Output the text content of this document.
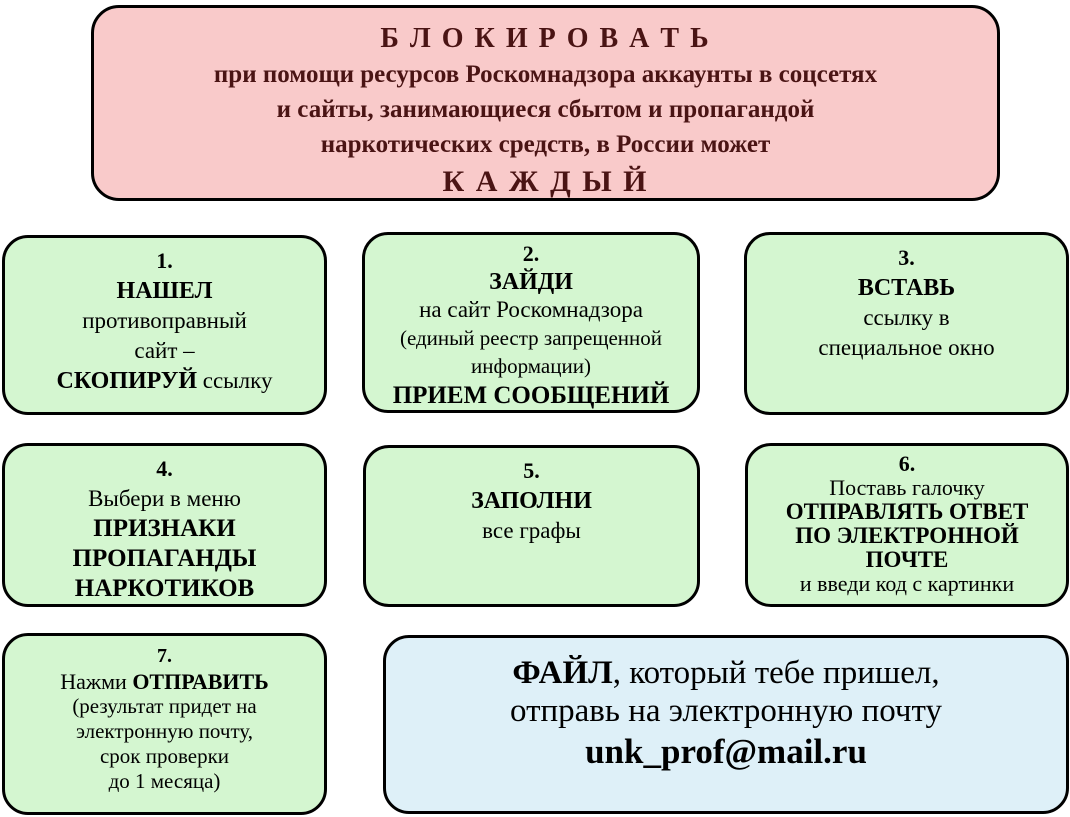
Б Л О К И Р О В А Т Ь
при помощи ресурсов Роскомнадзора аккаунты в соцсетях
и сайты, занимающиеся сбытом и пропагандой
наркотических средств, в России может
К А Ж Д Ы Й
1.
НАШЕЛ
противоправный
сайт –
СКОПИРУЙ ссылку
2.
ЗАЙДИ
на сайт Роскомнадзора
(единый реестр запрещенной
информации)
ПРИЕМ СООБЩЕНИЙ
3.
ВСТАВЬ
ссылку в
специальное окно
4.
Выбери в меню
ПРИЗНАКИ
ПРОПАГАНДЫ
НАРКОТИКОВ
5.
ЗАПОЛНИ
все графы
6.
Поставь галочку
ОТПРАВЛЯТЬ ОТВЕТ
ПО ЭЛЕКТРОННОЙ
ПОЧТЕ
и введи код с картинки
7.
Нажми ОТПРАВИТЬ
(результат придет на
электронную почту,
срок проверки
до 1 месяца)
ФАЙЛ, который тебе пришел,
отправь на электронную почту
unk_prof@mail.ru
